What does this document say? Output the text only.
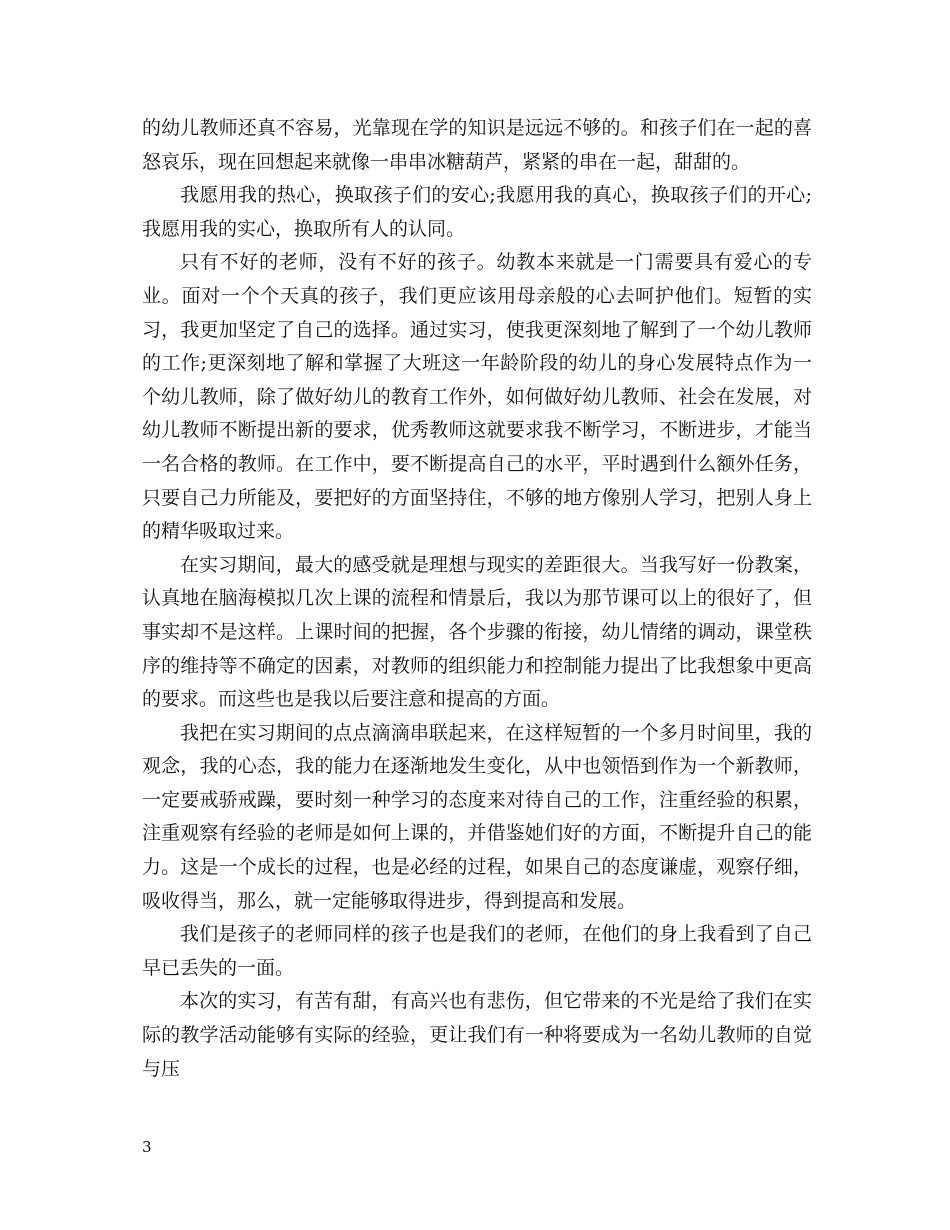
的幼儿教师还真不容易，光靠现在学的知识是远远不够的。和孩子们在一起的喜怒哀乐，现在回想起来就像一串串冰糖葫芦，紧紧的串在一起，甜甜的。

我愿用我的热心，换取孩子们的安心;我愿用我的真心，换取孩子们的开心;我愿用我的实心，换取所有人的认同。

只有不好的老师，没有不好的孩子。幼教本来就是一门需要具有爱心的专业。面对一个个天真的孩子，我们更应该用母亲般的心去呵护他们。短暂的实习，我更加坚定了自己的选择。通过实习，使我更深刻地了解到了一个幼儿教师的工作;更深刻地了解和掌握了大班这一年龄阶段的幼儿的身心发展特点作为一个幼儿教师，除了做好幼儿的教育工作外，如何做好幼儿教师、社会在发展，对幼儿教师不断提出新的要求，优秀教师这就要求我不断学习，不断进步，才能当一名合格的教师。在工作中，要不断提高自己的水平，平时遇到什么额外任务，只要自己力所能及，要把好的方面坚持住，不够的地方像别人学习，把别人身上的精华吸取过来。

在实习期间，最大的感受就是理想与现实的差距很大。当我写好一份教案，认真地在脑海模拟几次上课的流程和情景后，我以为那节课可以上的很好了，但事实却不是这样。上课时间的把握，各个步骤的衔接，幼儿情绪的调动，课堂秩序的维持等不确定的因素，对教师的组织能力和控制能力提出了比我想象中更高的要求。而这些也是我以后要注意和提高的方面。

我把在实习期间的点点滴滴串联起来，在这样短暂的一个多月时间里，我的观念，我的心态，我的能力在逐渐地发生变化，从中也领悟到作为一个新教师，一定要戒骄戒躁，要时刻一种学习的态度来对待自己的工作，注重经验的积累，注重观察有经验的老师是如何上课的，并借鉴她们好的方面，不断提升自己的能力。这是一个成长的过程，也是必经的过程，如果自己的态度谦虚，观察仔细，吸收得当，那么，就一定能够取得进步，得到提高和发展。

我们是孩子的老师同样的孩子也是我们的老师，在他们的身上我看到了自己早已丢失的一面。

本次的实习，有苦有甜，有高兴也有悲伤，但它带来的不光是给了我们在实际的教学活动能够有实际的经验，更让我们有一种将要成为一名幼儿教师的自觉与压

3
